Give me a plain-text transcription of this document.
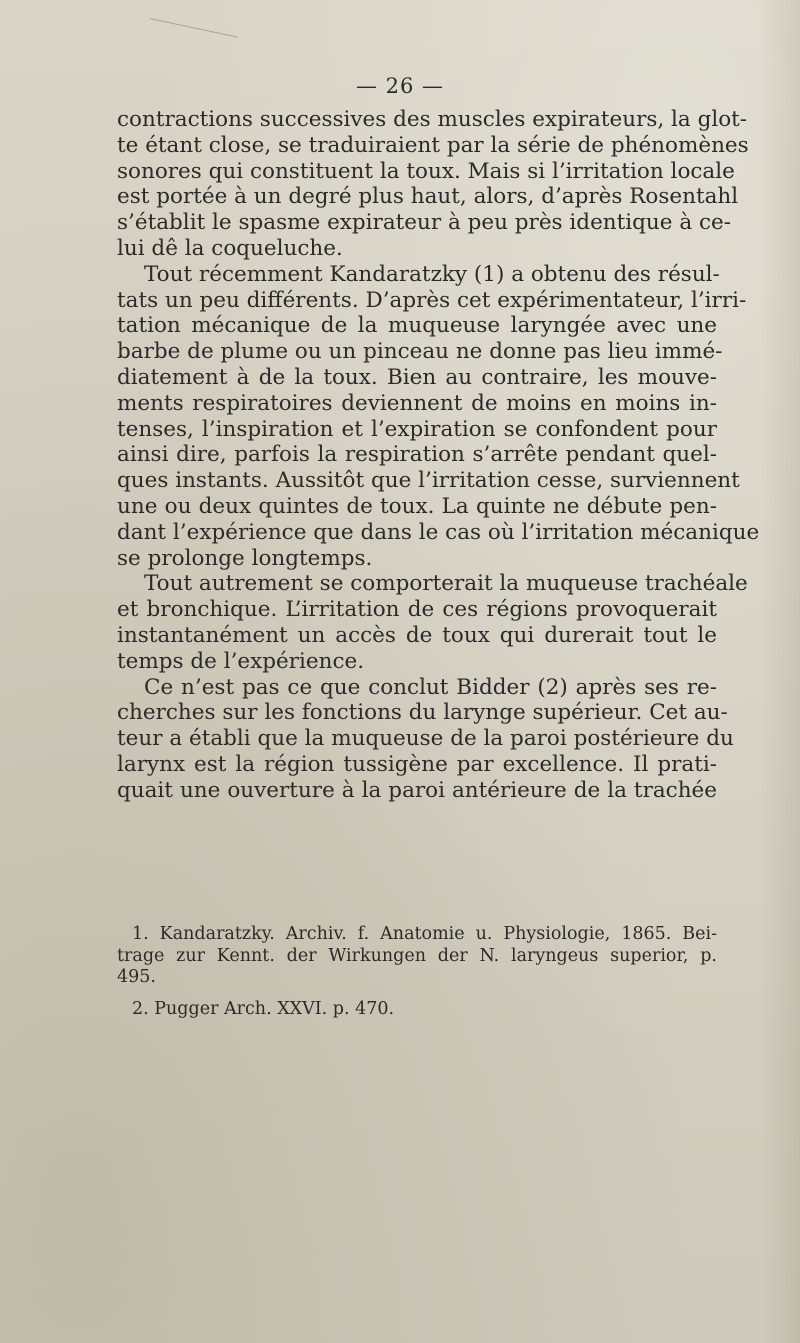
— 26 —
contractions successives des muscles expirateurs, la glot-
te étant close, se traduiraient par la série de phénomènes
sonores qui constituent la toux. Mais si l’irritation locale
est portée à un degré plus haut, alors, d’après Rosentahl
s’établit le spasme expirateur à peu près identique à ce-
lui dê la coqueluche.
Tout récemment Kandaratzky (1) a obtenu des résul-
tats un peu différents. D’après cet expérimentateur, l’irri-
tation mécanique de la muqueuse laryngée avec une
barbe de plume ou un pinceau ne donne pas lieu immé-
diatement à de la toux. Bien au contraire, les mouve-
ments respiratoires deviennent de moins en moins in-
tenses, l’inspiration et l’expiration se confondent pour
ainsi dire, parfois la respiration s’arrête pendant quel-
ques instants. Aussitôt que l’irritation cesse, surviennent
une ou deux quintes de toux. La quinte ne débute pen-
dant l’expérience que dans le cas où l’irritation mécanique
se prolonge longtemps.
Tout autrement se comporterait la muqueuse trachéale
et bronchique. L’irritation de ces régions provoquerait
instantanément un accès de toux qui durerait tout le
temps de l’expérience.
Ce n’est pas ce que conclut Bidder (2) après ses re-
cherches sur les fonctions du larynge supérieur. Cet au-
teur a établi que la muqueuse de la paroi postérieure du
larynx est la région tussigène par excellence. Il prati-
quait une ouverture à la paroi antérieure de la trachée
1. Kandaratzky. Archiv. f. Anatomie u. Physiologie, 1865. Bei-
trage zur Kennt. der Wirkungen der N. laryngeus superior, p.
495.
2. Pugger Arch. XXVI. p. 470.
